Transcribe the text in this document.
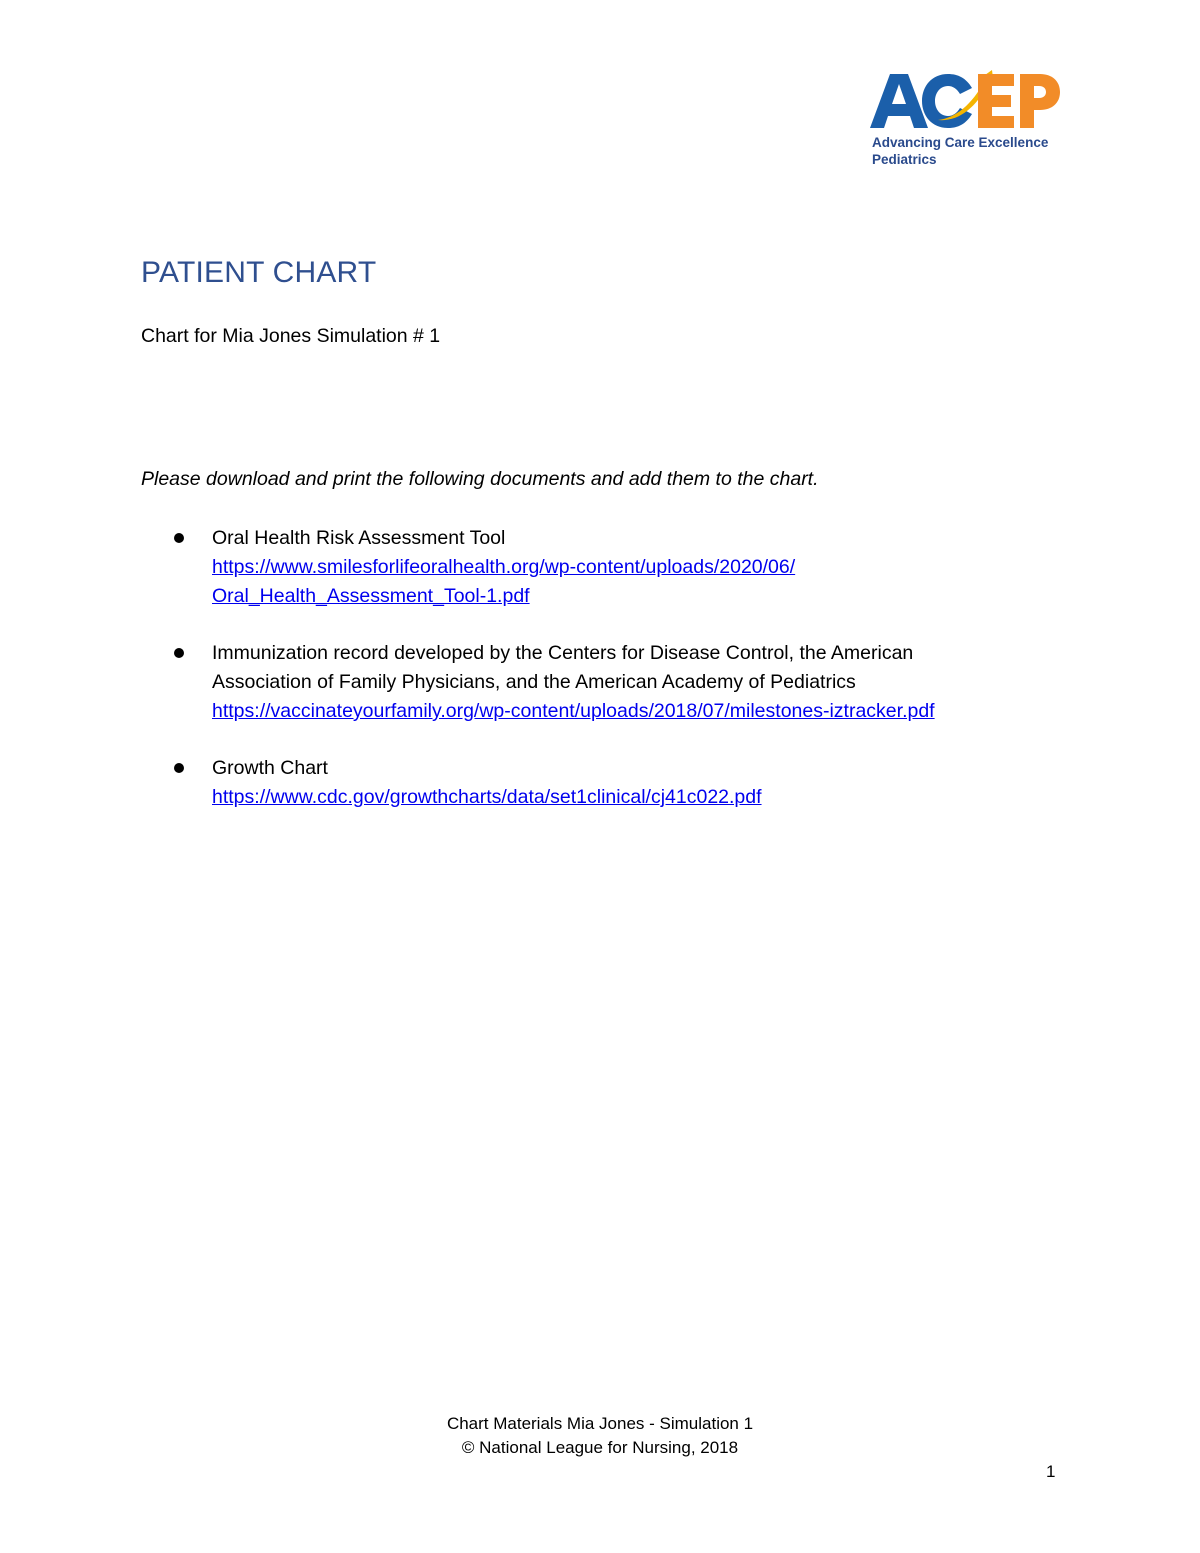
Advancing Care Excellence
Pediatrics
PATIENT CHART
Chart for Mia Jones Simulation # 1
Please download and print the following documents and add them to the chart.
Oral Health Risk Assessment Tool
https://www.smilesforlifeoralhealth.org/wp-content/uploads/2020/06/
Oral_Health_Assessment_Tool-1.pdf
Immunization record developed by the Centers for Disease Control, the American
Association of Family Physicians, and the American Academy of Pediatrics
https://vaccinateyourfamily.org/wp-content/uploads/2018/07/milestones-iztracker.pdf
Growth Chart
https://www.cdc.gov/growthcharts/data/set1clinical/cj41c022.pdf
Chart Materials Mia Jones - Simulation 1
© National League for Nursing, 2018
1
